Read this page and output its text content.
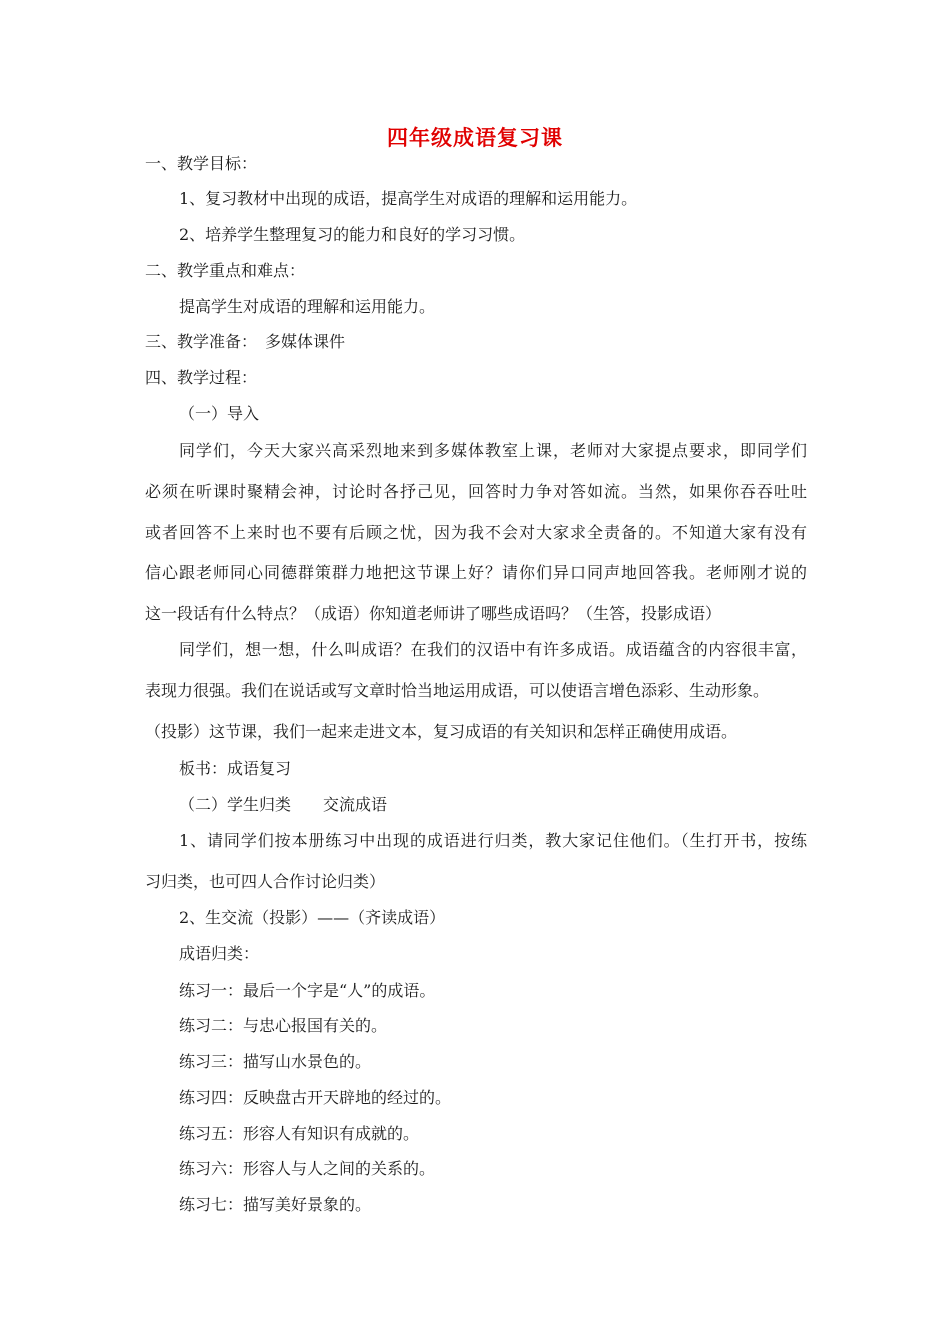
四年级成语复习课
一、教学目标：
1、复习教材中出现的成语，提高学生对成语的理解和运用能力。
2、培养学生整理复习的能力和良好的学习习惯。
二、教学重点和难点：
提高学生对成语的理解和运用能力。
三、教学准备：　多媒体课件
四、教学过程：
（一）导入
同学们，今天大家兴高采烈地来到多媒体教室上课，老师对大家提点要求，即同学们
必须在听课时聚精会神，讨论时各抒己见，回答时力争对答如流。当然，如果你吞吞吐吐
或者回答不上来时也不要有后顾之忧，因为我不会对大家求全责备的。不知道大家有没有
信心跟老师同心同德群策群力地把这节课上好？请你们异口同声地回答我。老师刚才说的
这一段话有什么特点？（成语）你知道老师讲了哪些成语吗？（生答，投影成语）
同学们，想一想，什么叫成语？在我们的汉语中有许多成语。成语蕴含的内容很丰富，
表现力很强。我们在说话或写文章时恰当地运用成语，可以使语言增色添彩、生动形象。
（投影）这节课，我们一起来走进文本，复习成语的有关知识和怎样正确使用成语。
板书：成语复习
（二）学生归类　　交流成语
1、请同学们按本册练习中出现的成语进行归类，教大家记住他们。（生打开书，按练
习归类，也可四人合作讨论归类）
2、生交流（投影）——（齐读成语）
成语归类：
练习一：最后一个字是“人”的成语。
练习二：与忠心报国有关的。
练习三：描写山水景色的。
练习四：反映盘古开天辟地的经过的。
练习五：形容人有知识有成就的。
练习六：形容人与人之间的关系的。
练习七：描写美好景象的。
